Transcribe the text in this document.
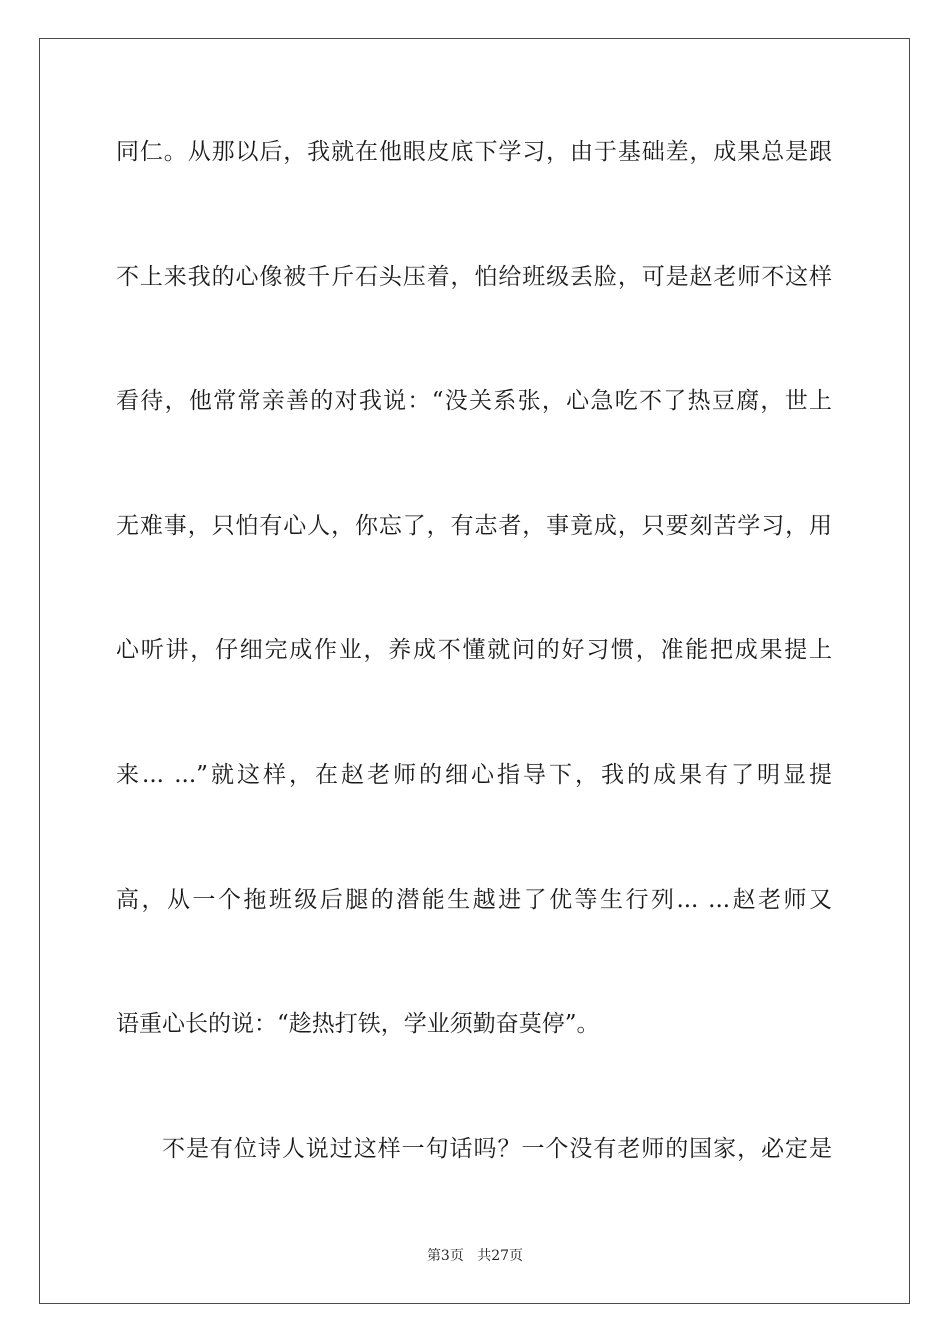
同仁。从那以后，我就在他眼皮底下学习，由于基础差，成果总是跟
不上来我的心像被千斤石头压着，怕给班级丢脸，可是赵老师不这样
看待，他常常亲善的对我说：“没关系张，心急吃不了热豆腐，世上
无难事，只怕有心人，你忘了，有志者，事竟成，只要刻苦学习，用
心听讲，仔细完成作业，养成不懂就问的好习惯，准能把成果提上
来... ...”就这样，在赵老师的细心指导下，我的成果有了明显提
高，从一个拖班级后腿的潜能生越进了优等生行列... ...赵老师又
语重心长的说：“趁热打铁，学业须勤奋莫停”。
不是有位诗人说过这样一句话吗？一个没有老师的国家，必定是
第3页 共27页
